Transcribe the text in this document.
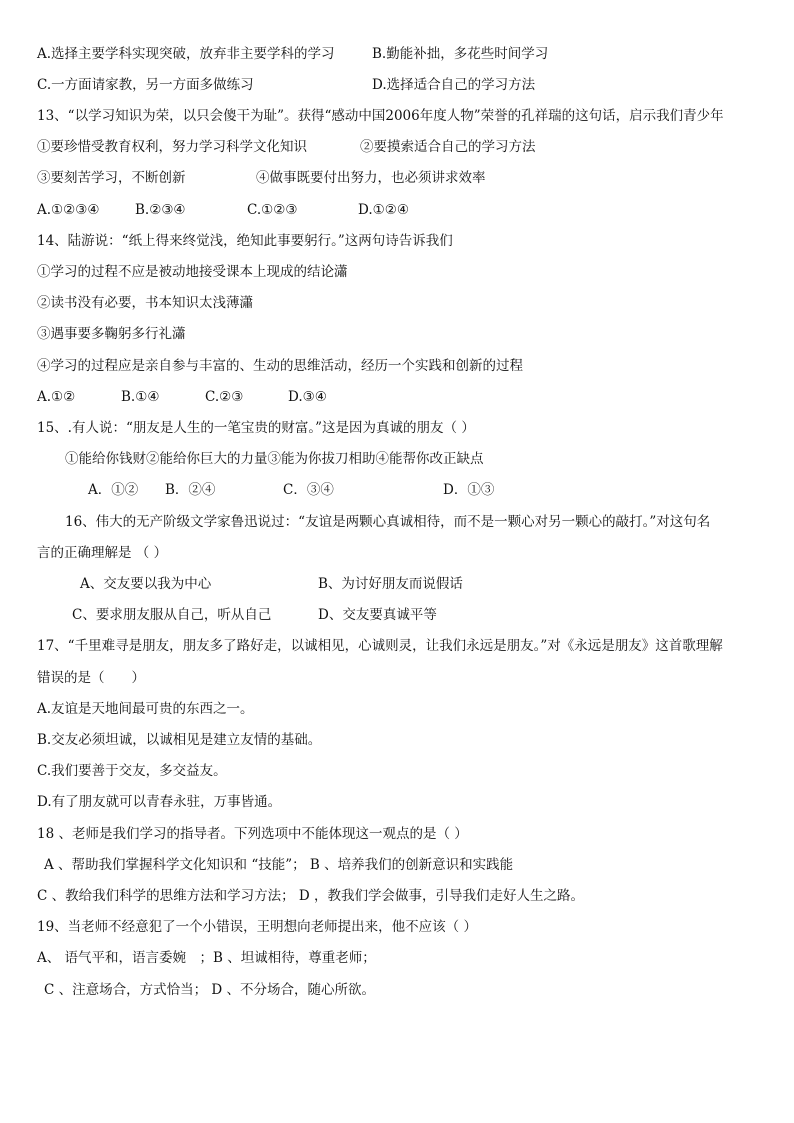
A.选择主要学科实现突破，放弃非主要学科的学习	B.勤能补拙，多花些时间学习
C.一方面请家教，另一方面多做练习	D.选择适合自己的学习方法
13、“以学习知识为荣，以只会傻干为耻”。获得“感动中国2006年度人物”荣誉的孔祥瑞的这句话，启示我们青少年
①要珍惜受教育权利，努力学习科学文化知识	②要摸索适合自己的学习方法
③要刻苦学习，不断创新	④做事既要付出努力，也必须讲求效率
A.①②③④	B.②③④	C.①②③	D.①②④
14、陆游说：“纸上得来终觉浅，绝知此事要躬行。”这两句诗告诉我们
①学习的过程不应是被动地接受课本上现成的结论瀟
②读书没有必要，书本知识太浅薄瀟
③遇事要多鞠躬多行礼瀟
④学习的过程应是亲自参与丰富的、生动的思维活动，经历一个实践和创新的过程
A.①②	B.①④	C.②③	D.③④
15、.有人说：“朋友是人生的一笔宝贵的财富。”这是因为真诚的朋友（ ）
①能给你钱财②能给你巨大的力量③能为你拔刀相助④能帮你改正缺点
A．①② B．②④	C．③④	D．①③
16、伟大的无产阶级文学家鲁迅说过：“友谊是两颗心真诚相待，而不是一颗心对另一颗心的敲打。”对这句名
言的正确理解是 （ ）
A、交友要以我为中心	B、为讨好朋友而说假话
C、要求朋友服从自己，听从自己	D、交友要真诚平等
17、“千里难寻是朋友，朋友多了路好走，以诚相见，心诚则灵，让我们永远是朋友。”对《永远是朋友》这首歌理解
错误的是（　　）
A.友谊是天地间最可贵的东西之一。
B.交友必须坦诚，以诚相见是建立友情的基础。
C.我们要善于交友，多交益友。
D.有了朋友就可以青春永驻，万事皆通。
18 、老师是我们学习的指导者。下列选项中不能体现这一观点的是（ ）
A 、帮助我们掌握科学文化知识和 “技能”； B 、培养我们的创新意识和实践能
C 、教给我们科学的思维方法和学习方法； D ，教我们学会做事，引导我们走好人生之路。
19、当老师不经意犯了一个小错误，王明想向老师提出来，他不应该（ ）
A、 语气平和，语言委婉　；B 、坦诚相待，尊重老师；
C 、注意场合，方式恰当； D 、不分场合，随心所欲。
